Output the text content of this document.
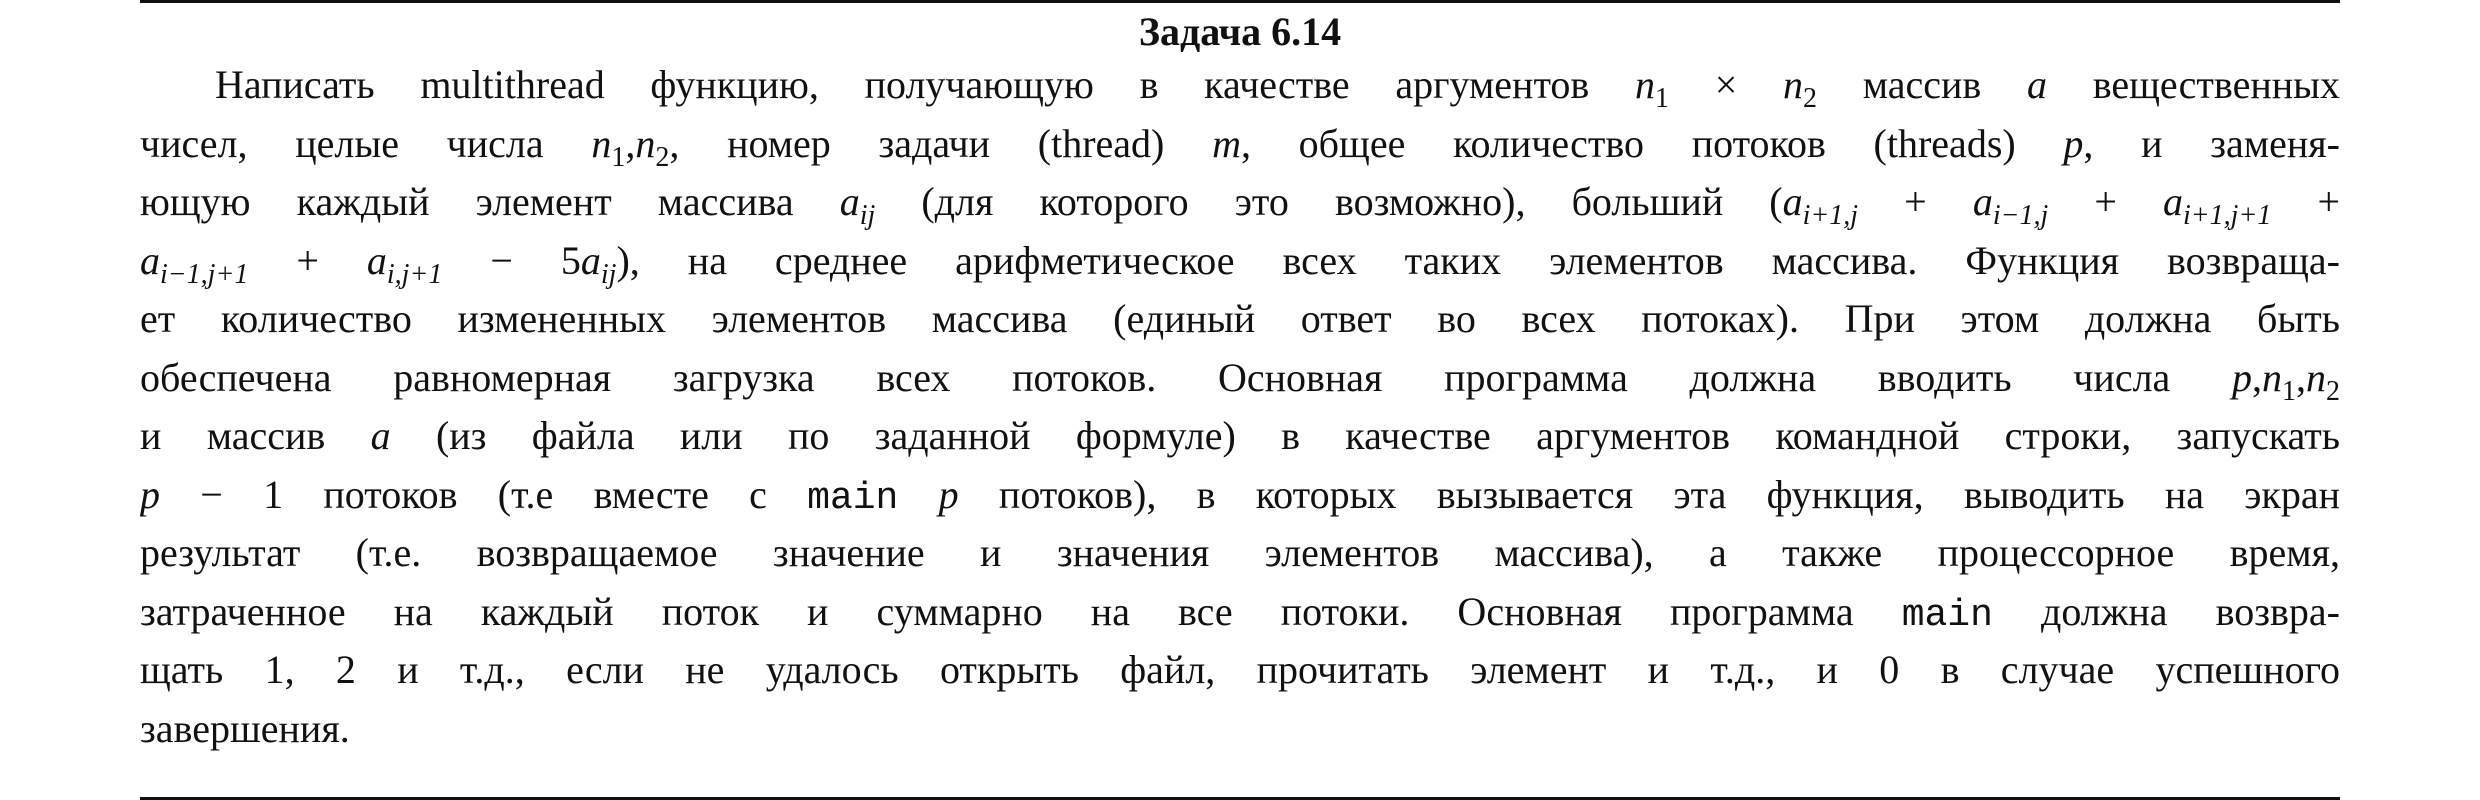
Задача 6.14
Написать multithread функцию, получающую в качестве аргументов $n_1 \times n_2$ массив a вещественных
чисел, целые числа $n_1,n_2$, номер задачи (thread) m, общее количество потоков (threads) p, и заменя-
ющую каждый элемент массива $a_{ij}$ (для которого это возможно), больший ($a_{i+1,j} + a_{i-1,j} + a_{i+1,j+1}$ +
$a_{i-1,j+1} + a_{i,j+1} - 5a_{ij}$), на среднее арифметическое всех таких элементов массива. Функция возвраща-
ет количество измененных элементов массива (единый ответ во всех потоках). При этом должна быть
обеспечена равномерная загрузка всех потоков. Основная программа должна вводить числа $p,n_1,n_2$
и массив a (из файла или по заданной формуле) в качестве аргументов командной строки, запускать
p − 1 потоков (т.е вместе с main p потоков), в которых вызывается эта функция, выводить на экран
результат (т.е. возвращаемое значение и значения элементов массива), а также процессорное время,
затраченное на каждый поток и суммарно на все потоки. Основная программа main должна возвра-
щать 1, 2 и т.д., если не удалось открыть файл, прочитать элемент и т.д., и 0 в случае успешного
завершения.
